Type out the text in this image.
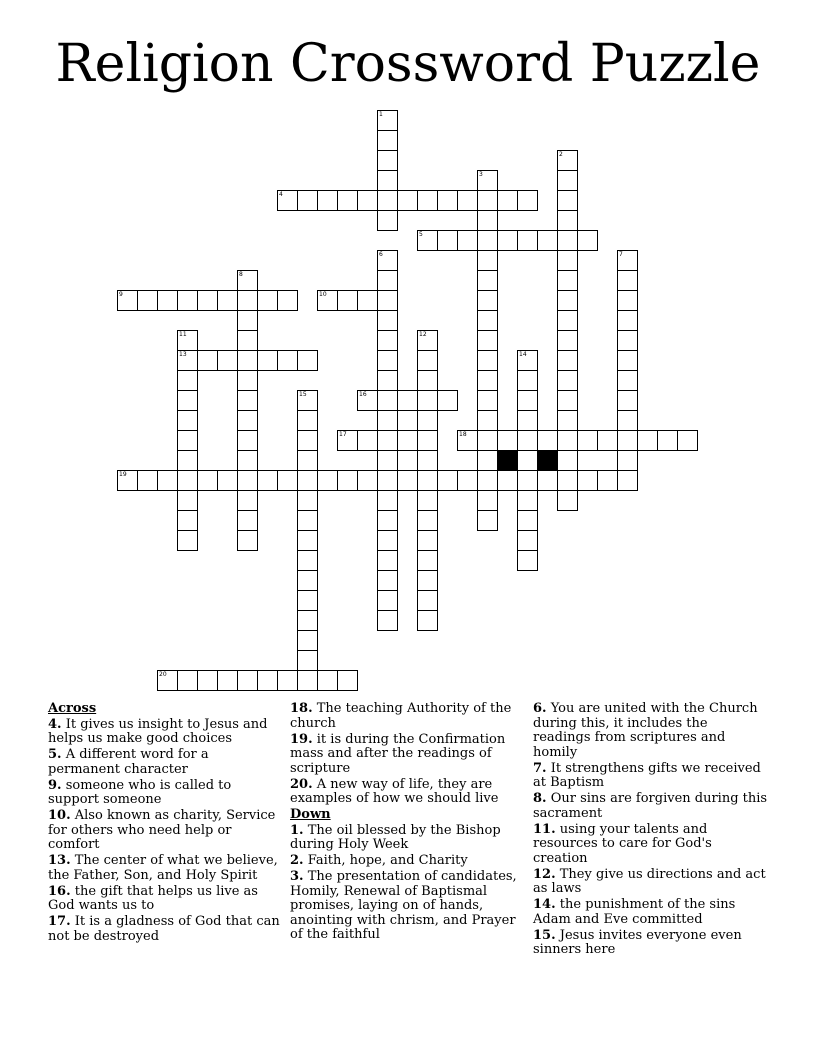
Religion Crossword Puzzle
4
5
9	10
13
16
17	18
19
20
1
2
3
6	7
8
11	12
14
15
Across
4. It gives us insight to Jesus and helps us make good choices
5. A different word for a permanent character
9. someone who is called to support someone
10. Also known as charity, Service for others who need help or comfort
13. The center of what we believe, the Father, Son, and Holy Spirit
16. the gift that helps us live as God wants us to
17. It is a gladness of God that can not be destroyed
18. The teaching Authority of the church
19. it is during the Confirmation mass and after the readings of scripture
20. A new way of life, they are examples of how we should live
Down
1. The oil blessed by the Bishop during Holy Week
2. Faith, hope, and Charity
3. The presentation of candidates, Homily, Renewal of Baptismal promises, laying on of hands, anointing with chrism, and Prayer of the faithful
6. You are united with the Church during this, it includes the readings from scriptures and homily
7. It strengthens gifts we received at Baptism
8. Our sins are forgiven during this sacrament
11. using your talents and resources to care for God's creation
12. They give us directions and act as laws
14. the punishment of the sins Adam and Eve committed
15. Jesus invites everyone even sinners here
